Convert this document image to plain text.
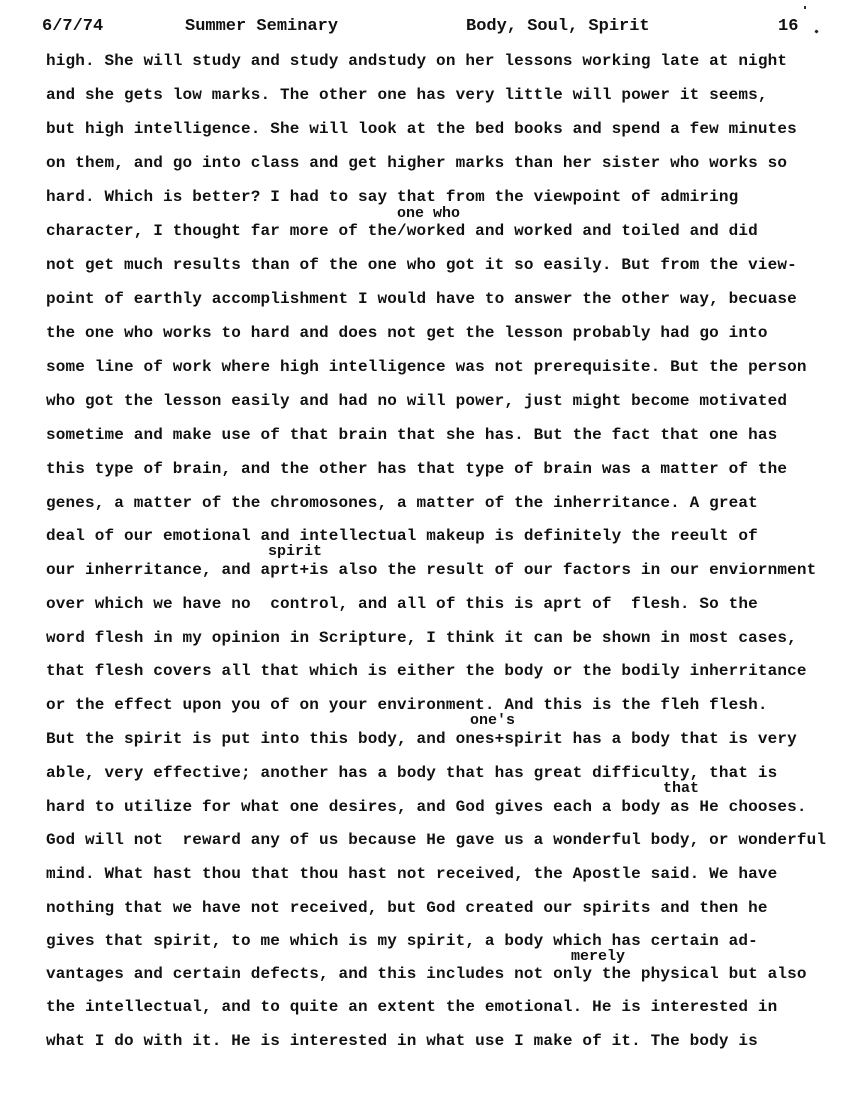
6/7/74	Summer Seminary	Body, Soul, Spirit	16
high. She will study and study andstudy on her lessons working late at night
and she gets low marks. The other one has very little will power it seems,
but high intelligence. She will look at the bed books and spend a few minutes
on them, and go into class and get higher marks than her sister who works so
hard. Which is better? I had to say that from the viewpoint of admiring
one who
character, I thought far more of the/worked and worked and toiled and did
not get much results than of the one who got it so easily. But from the view-
point of earthly accomplishment I would have to answer the other way, becuase
the one who works to hard and does not get the lesson probably had go into
some line of work where high intelligence was not prerequisite. But the person
who got the lesson easily and had no will power, just might become motivated
sometime and make use of that brain that she has. But the fact that one has
this type of brain, and the other has that type of brain was a matter of the
genes, a matter of the chromosones, a matter of the inherritance. A great
deal of our emotional and intellectual makeup is definitely the reeult of
spirit
our inherritance, and aprt+is also the result of our factors in our enviornment
over which we have no  control, and all of this is aprt of  flesh. So the
word flesh in my opinion in Scripture, I think it can be shown in most cases,
that flesh covers all that which is either the body or the bodily inherritance
or the effect upon you of on your environment. And this is the fleh flesh.
one's
But the spirit is put into this body, and ones+spirit has a body that is very
able, very effective; another has a body that has great difficulty, that is
that
hard to utilize for what one desires, and God gives each a body as He chooses.
God will not  reward any of us because He gave us a wonderful body, or wonderful
mind. What hast thou that thou hast not received, the Apostle said. We have
nothing that we have not received, but God created our spirits and then he
gives that spirit, to me which is my spirit, a body which has certain ad-
merely
vantages and certain defects, and this includes not only the physical but also
the intellectual, and to quite an extent the emotional. He is interested in
what I do with it. He is interested in what use I make of it. The body is
